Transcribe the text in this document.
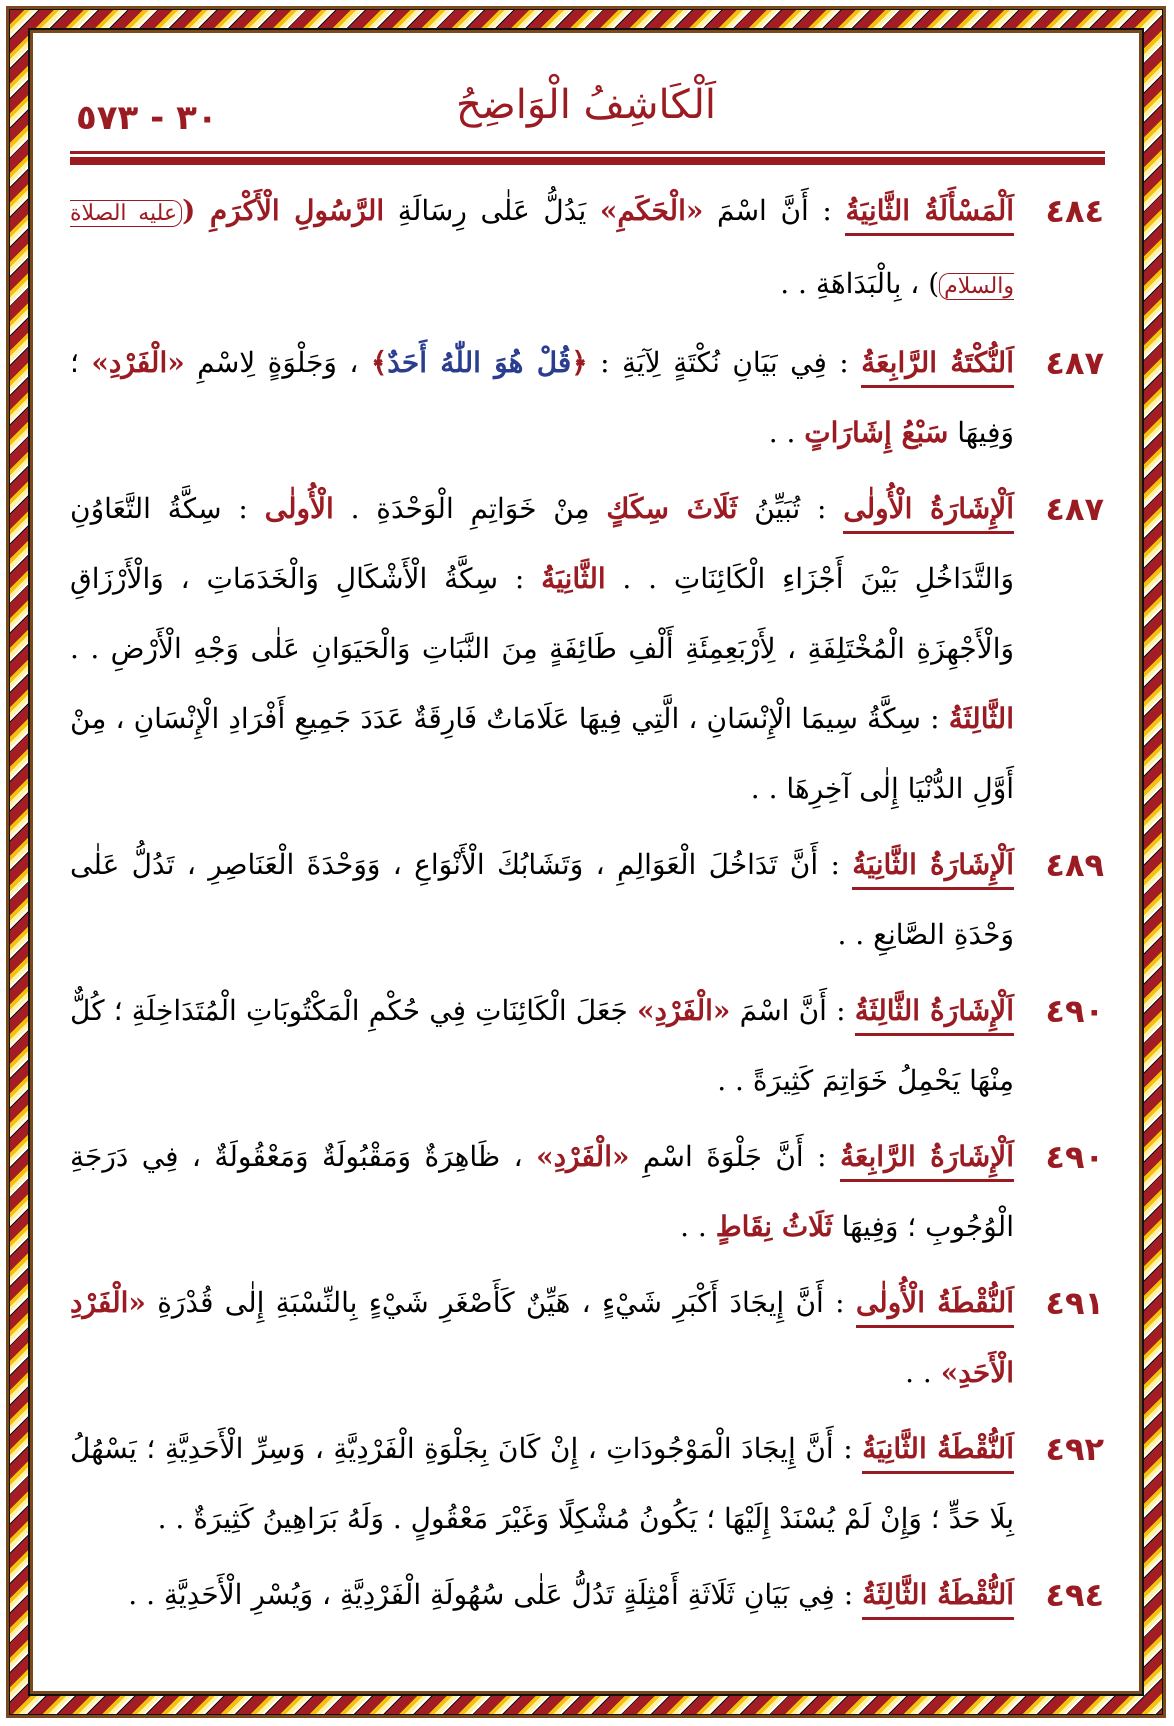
٣٠ - ٥٧٣	اَلْكَاشِفُ الْوَاضِحُ
٤٨٤
اَلْمَسْأَلَةُ الثَّانِيَةُ : أَنَّ اسْمَ «الْحَكَمِ» يَدُلُّ عَلٰى رِسَالَةِ الرَّسُولِ الْأَكْرَمِ (عليه الصلاة والسلام) ، بِالْبَدَاهَةِ . .
٤٨٧
اَلنُّكْتَةُ الرَّابِعَةُ : فِي بَيَانِ نُكْتَةٍ لِآيَةِ : ﴿قُلْ هُوَ اللّٰهُ أَحَدٌ﴾ ، وَجَلْوَةٍ لِاسْمِ «الْفَرْدِ» ؛ وَفِيهَا سَبْعُ إِشَارَاتٍ . .
٤٨٧
اَلْإِشَارَةُ الْأُولٰى : تُبَيِّنُ ثَلَاثَ سِكَكٍ مِنْ خَوَاتِمِ الْوَحْدَةِ . الْأُولٰى : سِكَّةُ التَّعَاوُنِ وَالتَّدَاخُلِ بَيْنَ أَجْزَاءِ الْكَائِنَاتِ . . الثَّانِيَةُ : سِكَّةُ الْأَشْكَالِ وَالْخَدَمَاتِ ، وَالْأَرْزَاقِ وَالْأَجْهِزَةِ الْمُخْتَلِفَةِ ، لِأَرْبَعِمِئَةِ أَلْفِ طَائِفَةٍ مِنَ النَّبَاتِ وَالْحَيَوَانِ عَلٰى وَجْهِ الْأَرْضِ . . الثَّالِثَةُ : سِكَّةُ سِيمَا الْإِنْسَانِ ، الَّتِي فِيهَا عَلَامَاتٌ فَارِقَةٌ عَدَدَ جَمِيعِ أَفْرَادِ الْإِنْسَانِ ، مِنْ أَوَّلِ الدُّنْيَا إِلٰى آخِرِهَا . .
٤٨٩
اَلْإِشَارَةُ الثَّانِيَةُ : أَنَّ تَدَاخُلَ الْعَوَالِمِ ، وَتَشَابُكَ الْأَنْوَاعِ ، وَوَحْدَةَ الْعَنَاصِرِ ، تَدُلُّ عَلٰى وَحْدَةِ الصَّانِعِ . .
٤٩٠
اَلْإِشَارَةُ الثَّالِثَةُ : أَنَّ اسْمَ «الْفَرْدِ» جَعَلَ الْكَائِنَاتِ فِي حُكْمِ الْمَكْتُوبَاتِ الْمُتَدَاخِلَةِ ؛ كُلٌّ مِنْهَا يَحْمِلُ خَوَاتِمَ كَثِيرَةً . .
٤٩٠
اَلْإِشَارَةُ الرَّابِعَةُ : أَنَّ جَلْوَةَ اسْمِ «الْفَرْدِ» ، ظَاهِرَةٌ وَمَقْبُولَةٌ وَمَعْقُولَةٌ ، فِي دَرَجَةِ الْوُجُوبِ ؛ وَفِيهَا ثَلَاثُ نِقَاطٍ . .
٤٩١
اَلنُّقْطَةُ الْأُولٰى : أَنَّ إِيجَادَ أَكْبَرِ شَيْءٍ ، هَيِّنٌ كَأَصْغَرِ شَيْءٍ بِالنِّسْبَةِ إِلٰى قُدْرَةِ «الْفَرْدِ الْأَحَدِ» . .
٤٩٢
اَلنُّقْطَةُ الثَّانِيَةُ : أَنَّ إِيجَادَ الْمَوْجُودَاتِ ، إِنْ كَانَ بِجَلْوَةِ الْفَرْدِيَّةِ ، وَسِرِّ الْأَحَدِيَّةِ ؛ يَسْهُلُ بِلَا حَدٍّ ؛ وَإِنْ لَمْ يُسْنَدْ إِلَيْهَا ؛ يَكُونُ مُشْكِلًا وَغَيْرَ مَعْقُولٍ . وَلَهُ بَرَاهِينُ كَثِيرَةٌ . .
٤٩٤
اَلنُّقْطَةُ الثَّالِثَةُ : فِي بَيَانِ ثَلَاثَةِ أَمْثِلَةٍ تَدُلُّ عَلٰى سُهُولَةِ الْفَرْدِيَّةِ ، وَيُسْرِ الْأَحَدِيَّةِ . .
